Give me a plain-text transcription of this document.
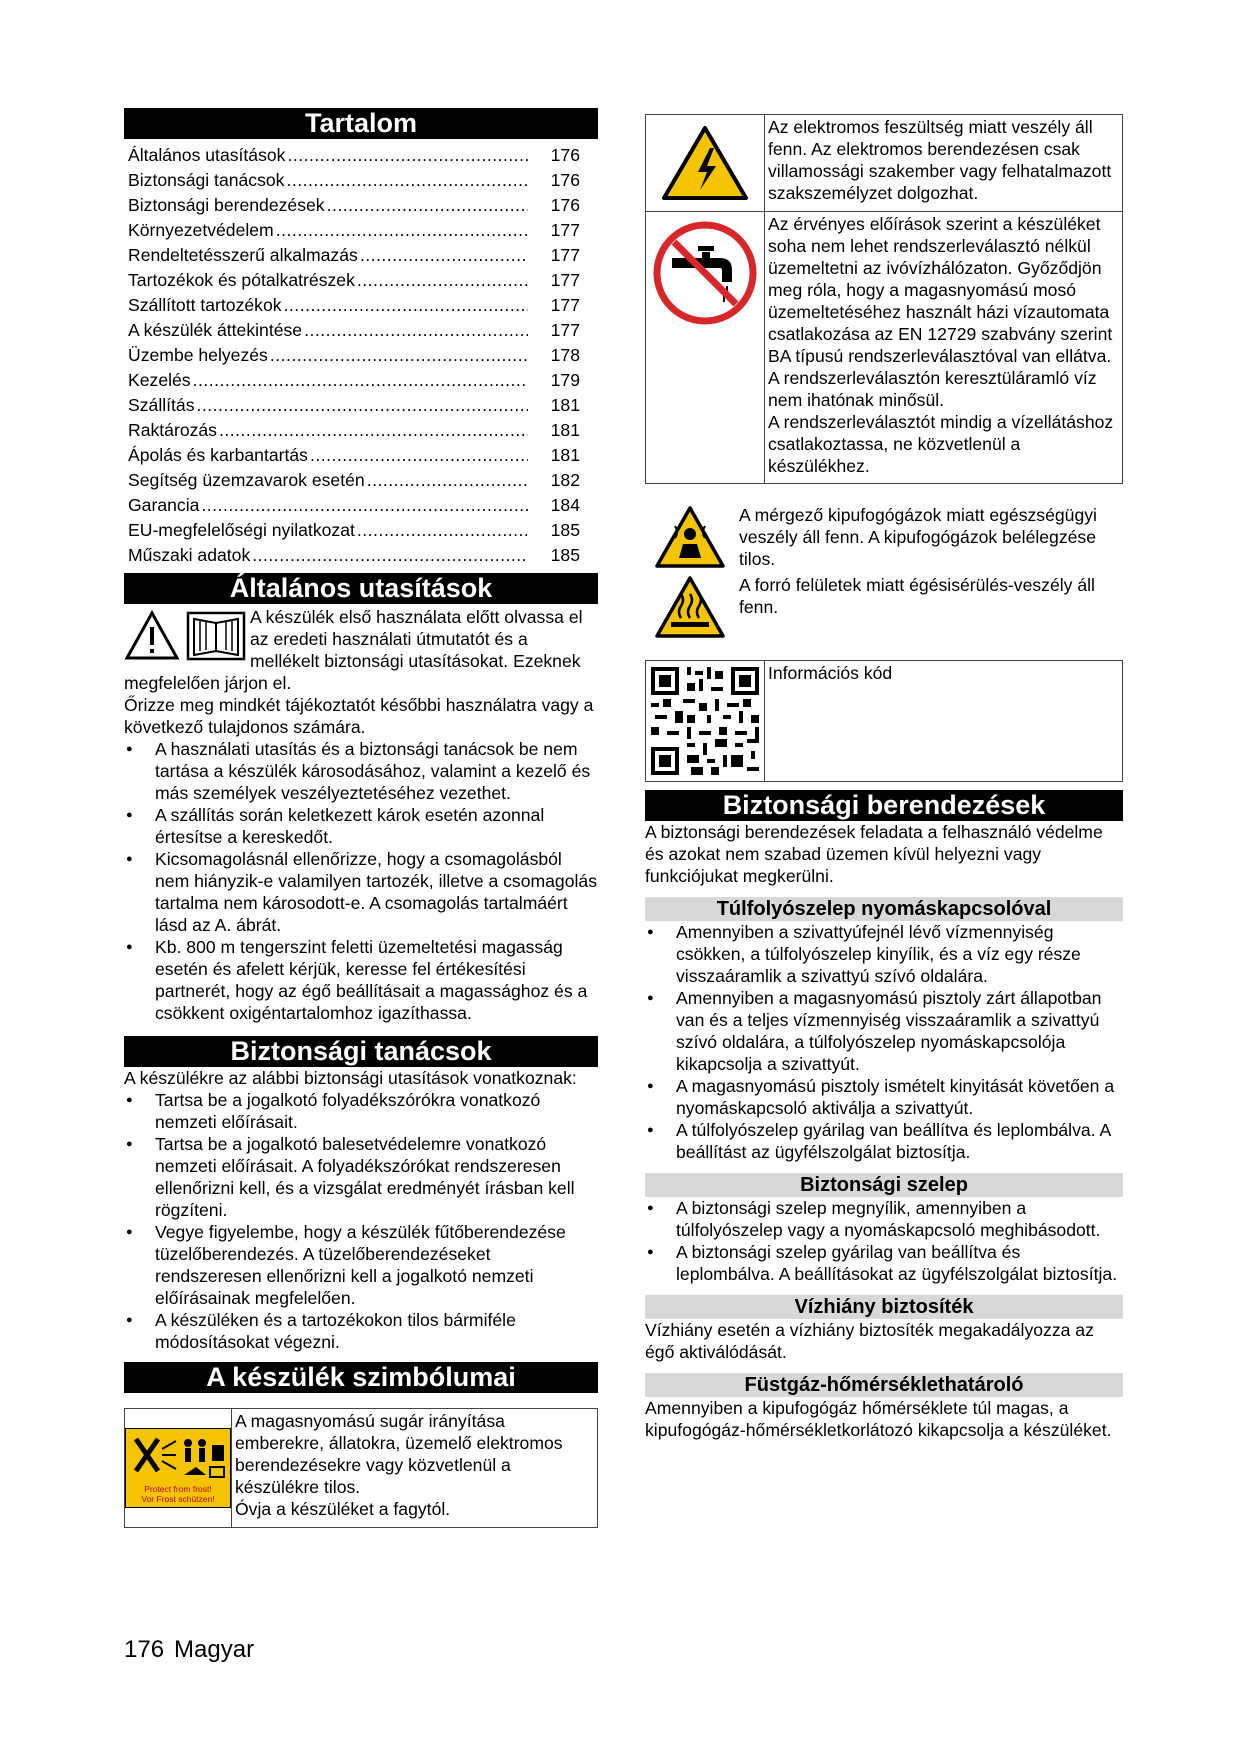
Tartalom
Általános utasítások .....	176
Biztonsági tanácsok .....	176
Biztonsági berendezések .....	176
Környezetvédelem .....	177
Rendeltetésszerű alkalmazás .....	177
Tartozékok és pótalkatrészek .....	177
Szállított tartozékok .....	177
A készülék áttekintése .....	177
Üzembe helyezés .....	178
Kezelés .....	179
Szállítás .....	181
Raktározás .....	181
Ápolás és karbantartás .....	181
Segítség üzemzavarok esetén .....	182
Garancia .....	184
EU-megfelelőségi nyilatkozat .....	185
Műszaki adatok .....	185
Általános utasítások

A készülék első használata előtt olvassa el az eredeti használati útmutatót és a mellékelt biztonsági utasításokat. Ezeknek megfelelően járjon el.

Őrizze meg mindkét tájékoztatót későbbi használatra vagy a következő tulajdonos számára.

● A használati utasítás és a biztonsági tanácsok be nem tartása a készülék károsodásához, valamint a kezelő és más személyek veszélyeztetéséhez vezethet.
● A szállítás során keletkezett károk esetén azonnal értesítse a kereskedőt.
● Kicsomagolásnál ellenőrizze, hogy a csomagolásból nem hiányzik-e valamilyen tartozék, illetve a csomagolás tartalma nem károsodott-e. A csomagolás tartalmáért lásd az A. ábrát.
● Kb. 800 m tengerszint feletti üzemeltetési magasság esetén és afelett kérjük, keresse fel értékesítési partnerét, hogy az égő beállításait a magassághoz és a csökkent oxigéntartalomhoz igazíthassa.
Biztonsági tanácsok

A készülékre az alábbi biztonsági utasítások vonatkoznak:

● Tartsa be a jogalkotó folyadékszórókra vonatkozó nemzeti előírásait.
● Tartsa be a jogalkotó balesetvédelemre vonatkozó nemzeti előírásait. A folyadékszórókat rendszeresen ellenőrizni kell, és a vizsgálat eredményét írásban kell rögzíteni.
● Vegye figyelembe, hogy a készülék fűtőberendezése tüzelőberendezés. A tüzelőberendezéseket rendszeresen ellenőrizni kell a jogalkotó nemzeti előírásainak megfelelően.
● A készüléken és a tartozékokon tilos bármiféle módosításokat végezni.
A készülék szimbólumai
Protect from frost!
Vor Frost schützen!
A magasnyomású sugár irányítása emberekre, állatokra, üzemelő elektromos berendezésekre vagy közvetlenül a készülékre tilos.
Óvja a készüléket a fagytól.
Az elektromos feszültség miatt veszély áll fenn. Az elektromos berendezésen csak villamossági szakember vagy felhatalmazott szakszemélyzet dolgozhat.
Az érvényes előírások szerint a készüléket soha nem lehet rendszerleválasztó nélkül üzemeltetni az ivóvízhálózaton. Győződjön meg róla, hogy a magasnyomású mosó üzemeltetéséhez használt házi vízautomata csatlakozása az EN 12729 szabvány szerint BA típusú rendszerleválasztóval van ellátva. A rendszerleválasztón keresztüláramló víz nem ihatónak minősül.
A rendszerleválasztót mindig a vízellátáshoz csatlakoztassa, ne közvetlenül a készülékhez.
A mérgező kipufogógázok miatt egészségügyi veszély áll fenn. A kipufogógázok belélegzése tilos.
A forró felületek miatt égésisérülés-veszély áll fenn.
Információs kód
Biztonsági berendezések

A biztonsági berendezések feladata a felhasználó védelme és azokat nem szabad üzemen kívül helyezni vagy funkciójukat megkerülni.

Túlfolyószelep nyomáskapcsolóval
● Amennyiben a szivattyúfejnél lévő vízmennyiség csökken, a túlfolyószelep kinyílik, és a víz egy része visszaáramlik a szivattyú szívó oldalára.
● Amennyiben a magasnyomású pisztoly zárt állapotban van és a teljes vízmennyiség visszaáramlik a szivattyú szívó oldalára, a túlfolyószelep nyomáskapcsolója kikapcsolja a szivattyút.
● A magasnyomású pisztoly ismételt kinyitását követően a nyomáskapcsoló aktiválja a szivattyút.
● A túlfolyószelep gyárilag van beállítva és leplombálva. A beállítást az ügyfélszolgálat biztosítja.
Biztonsági szelep
● A biztonsági szelep megnyílik, amennyiben a túlfolyószelep vagy a nyomáskapcsoló meghibásodott.
● A biztonsági szelep gyárilag van beállítva és leplombálva. A beállításokat az ügyfélszolgálat biztosítja.
Vízhiány biztosíték

Vízhiány esetén a vízhiány biztosíték megakadályozza az égő aktiválódását.

Füstgáz-hőmérséklethatároló

Amennyiben a kipufogógáz hőmérséklete túl magas, a kipufogógáz-hőmérsékletkorlátozó kikapcsolja a készüléket.

176 Magyar
